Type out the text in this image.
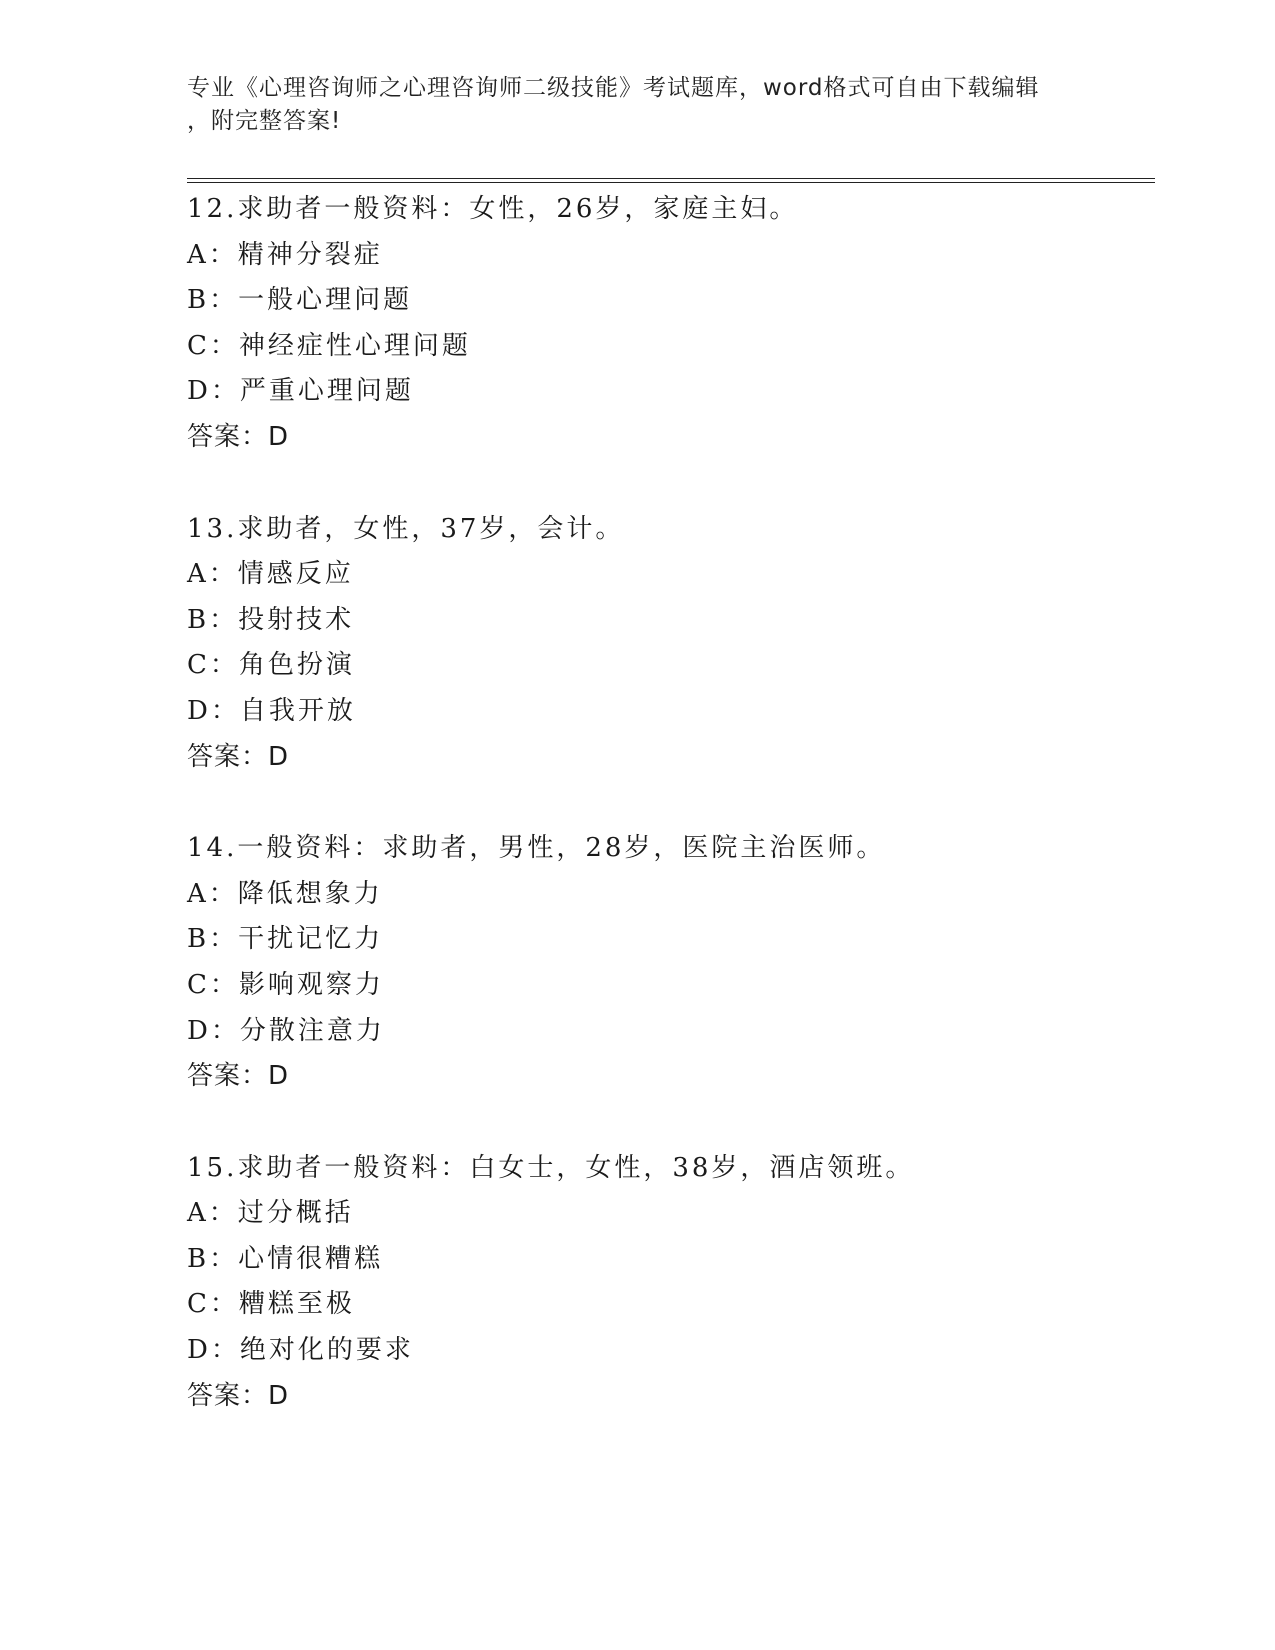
专业《心理咨询师之心理咨询师二级技能》考试题库，word格式可自由下载编辑
，附完整答案!
12.求助者一般资料：女性，26岁，家庭主妇。
A：精神分裂症
B：一般心理问题
C：神经症性心理问题
D：严重心理问题
答案：D
13.求助者，女性，37岁，会计。
A：情感反应
B：投射技术
C：角色扮演
D：自我开放
答案：D
14.一般资料：求助者，男性，28岁，医院主治医师。
A：降低想象力
B：干扰记忆力
C：影响观察力
D：分散注意力
答案：D
15.求助者一般资料：白女士，女性，38岁，酒店领班。
A：过分概括
B：心情很糟糕
C：糟糕至极
D：绝对化的要求
答案：D
